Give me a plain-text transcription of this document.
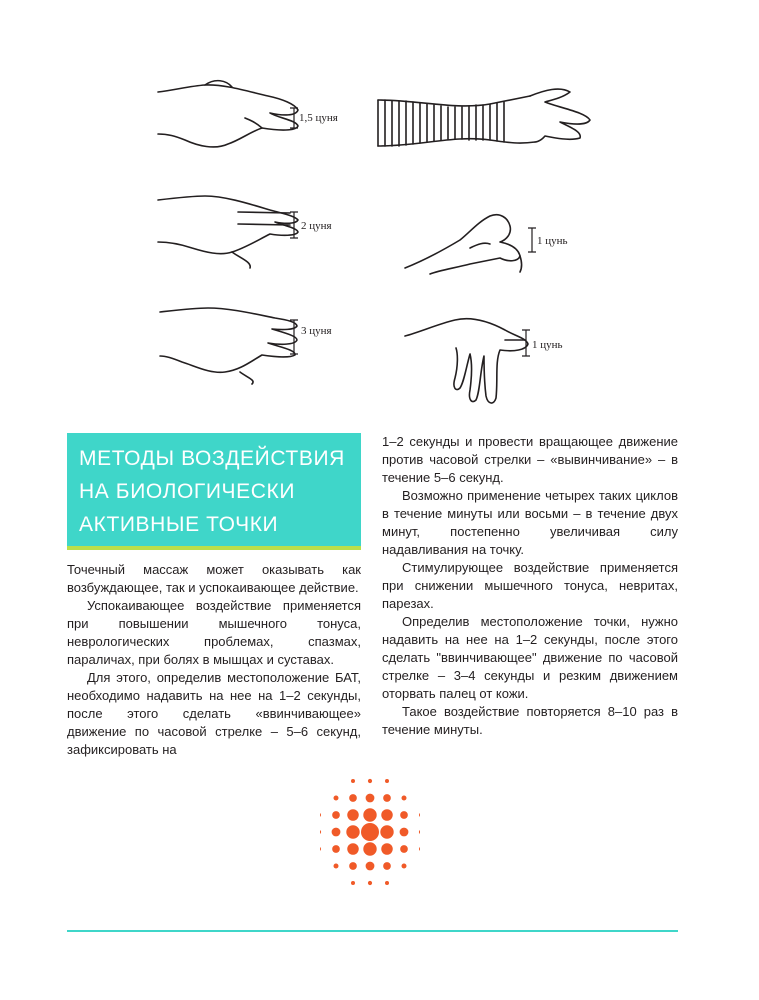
1,5 цуня
2 цуня
3 цуня
1 цунь
1 цунь
МЕТОДЫ ВОЗДЕЙСТВИЯ
НА БИОЛОГИЧЕСКИ
АКТИВНЫЕ ТОЧКИ

Точечный массаж может оказывать как возбуждающее, так и успокаивающее действие.

Успокаивающее воздействие применяется при повышении мышечного тонуса, неврологических проблемах, спазмах, параличах, при болях в мышцах и суставах.

Для этого, определив местоположение БАТ, необходимо надавить на нее на 1–2 секунды, после этого сделать «ввинчивающее» движение по часовой стрелке – 5–6 секунд, зафиксировать на

1–2 секунды и провести вращающее движение против часовой стрелки – «вывинчивание» – в течение 5–6 секунд.

Возможно применение четырех таких циклов в течение минуты или восьми – в течение двух минут, постепенно увеличивая силу надавливания на точку.

Стимулирующее воздействие применяется при снижении мышечного тонуса, невритах, парезах.

Определив местоположение точки, нужно надавить на нее на 1–2 секунды, после этого сделать "ввинчивающее" движение по часовой стрелке – 3–4 секунды и резким движением оторвать палец от кожи.

Такое воздействие повторяется 8–10 раз в течение минуты.
